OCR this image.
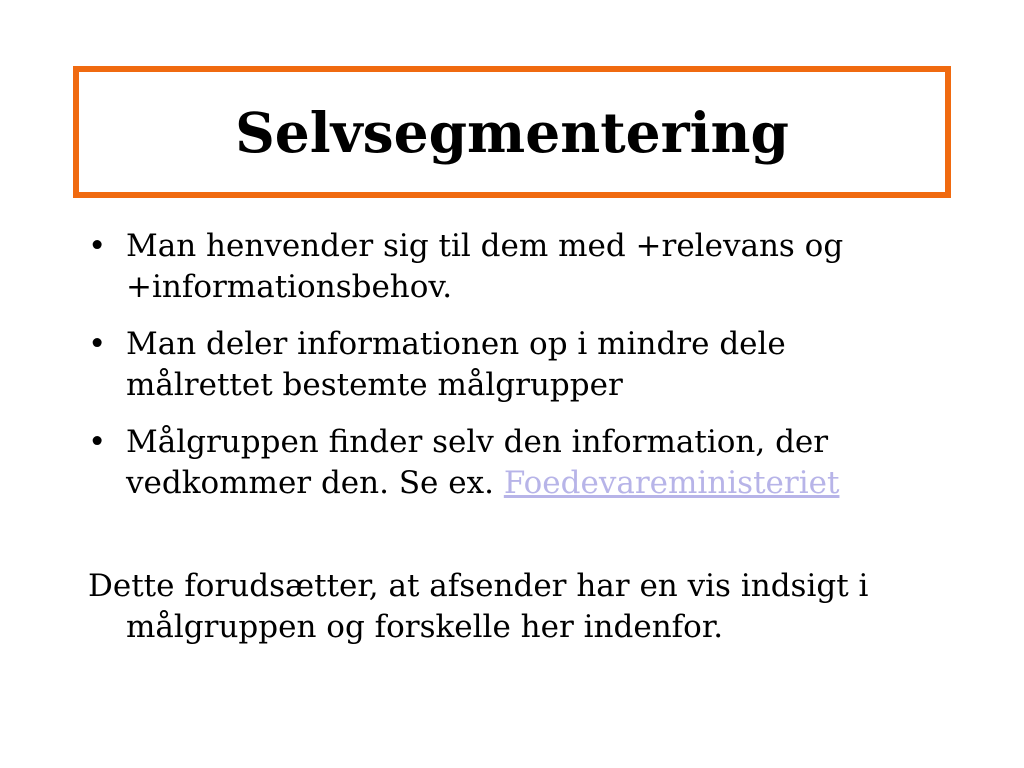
Selvsegmentering
• Man henvender sig til dem med +relevans og +informationsbehov.
• Man deler informationen op i mindre dele målrettet bestemte målgrupper
• Målgruppen finder selv den information, der vedkommer den. Se ex. Foedevareministeriet

Dette forudsætter, at afsender har en vis indsigt i målgruppen og forskelle her indenfor.
